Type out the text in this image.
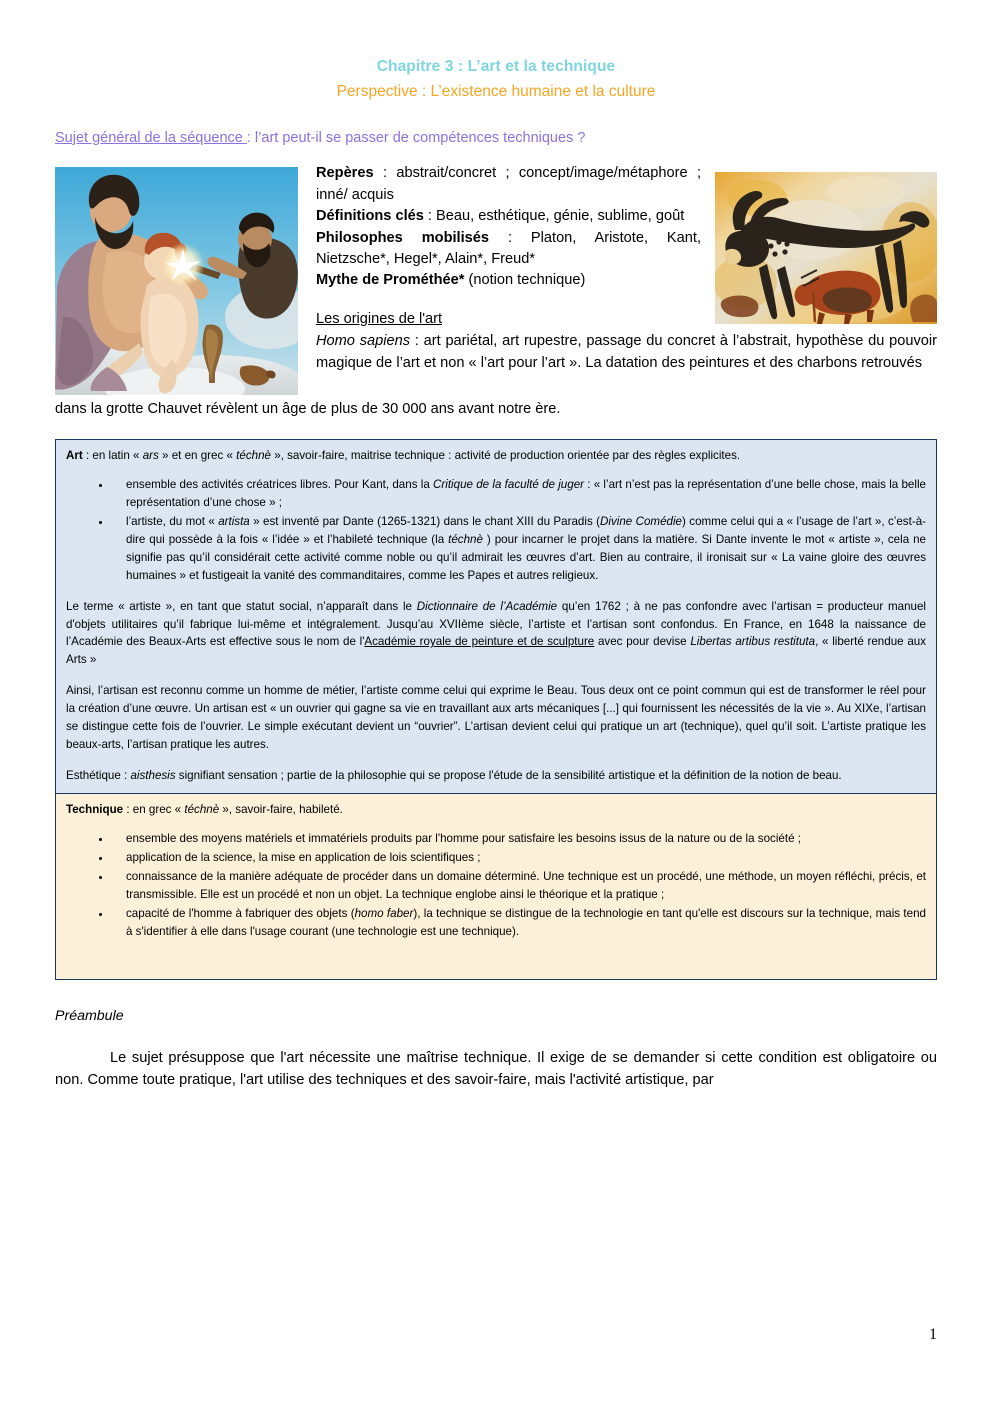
Chapitre 3 : L’art et la technique
Perspective : L’existence humaine et la culture
Sujet général de la séquence : l’art peut-il se passer de compétences techniques ?
Repères : abstrait/concret ; concept/image/métaphore ; inné/ acquis
Définitions clés : Beau, esthétique, génie, sublime, goût
Philosophes mobilisés : Platon, Aristote, Kant, Nietzsche*, Hegel*, Alain*, Freud*
Mythe de Prométhée* (notion technique)
Les origines de l'art
Homo sapiens : art pariétal, art rupestre, passage du concret à l’abstrait, hypothèse du pouvoir magique de l’art et non « l’art pour l’art ». La datation des peintures et des charbons retrouvés
dans la grotte Chauvet révèlent un âge de plus de 30 000 ans avant notre ère.
Art : en latin « ars » et en grec « téchnè », savoir-faire, maitrise technique : activité de production orientée par des règles explicites.
• ensemble des activités créatrices libres. Pour Kant, dans la Critique de la faculté de juger : « l’art n’est pas la représentation d’une belle chose, mais la belle représentation d’une chose » ;
• l’artiste, du mot « artista » est inventé par Dante (1265-1321) dans le chant XIII du Paradis (Divine Comédie) comme celui qui a « l’usage de l’art », c’est-à-dire qui possède à la fois « l’idée » et l’habileté technique (la téchnè ) pour incarner le projet dans la matière. Si Dante invente le mot « artiste », cela ne signifie pas qu’il considérait cette activité comme noble ou qu’il admirait les œuvres d’art. Bien au contraire, il ironisait sur « La vaine gloire des œuvres humaines » et fustigeait la vanité des commanditaires, comme les Papes et autres religieux.
Le terme « artiste », en tant que statut social, n’apparaît dans le Dictionnaire de l’Académie qu’en 1762 ; à ne pas confondre avec l’artisan = producteur manuel d'objets utilitaires qu’il fabrique lui-même et intégralement. Jusqu’au XVIIème siècle, l’artiste et l’artisan sont confondus. En France, en 1648 la naissance de l’Académie des Beaux-Arts est effective sous le nom de l'Académie royale de peinture et de sculpture avec pour devise Libertas artibus restituta, « liberté rendue aux Arts »
Ainsi, l’artisan est reconnu comme un homme de métier, l’artiste comme celui qui exprime le Beau. Tous deux ont ce point commun qui est de transformer le réel pour la création d’une œuvre. Un artisan est « un ouvrier qui gagne sa vie en travaillant aux arts mécaniques [...] qui fournissent les nécessités de la vie ». Au XIXe, l’artisan se distingue cette fois de l’ouvrier. Le simple exécutant devient un “ouvrier”. L’artisan devient celui qui pratique un art (technique), quel qu’il soit. L’artiste pratique les beaux-arts, l’artisan pratique les autres.
Esthétique : aisthesis signifiant sensation ; partie de la philosophie qui se propose l'étude de la sensibilité artistique et la définition de la notion de beau.
Technique : en grec « téchnè », savoir-faire, habileté.
• ensemble des moyens matériels et immatériels produits par l'homme pour satisfaire les besoins issus de la nature ou de la société ;
• application de la science, la mise en application de lois scientifiques ;
• connaissance de la manière adéquate de procéder dans un domaine déterminé. Une technique est un procédé, une méthode, un moyen réfléchi, précis, et transmissible. Elle est un procédé et non un objet. La technique englobe ainsi le théorique et la pratique ;
• capacité de l'homme à fabriquer des objets (homo faber), la technique se distingue de la technologie en tant qu'elle est discours sur la technique, mais tend à s'identifier à elle dans l'usage courant (une technologie est une technique).
Préambule
Le sujet présuppose que l'art nécessite une maîtrise technique. Il exige de se demander si cette condition est obligatoire ou non. Comme toute pratique, l'art utilise des techniques et des savoir-faire, mais l'activité artistique, par
1
